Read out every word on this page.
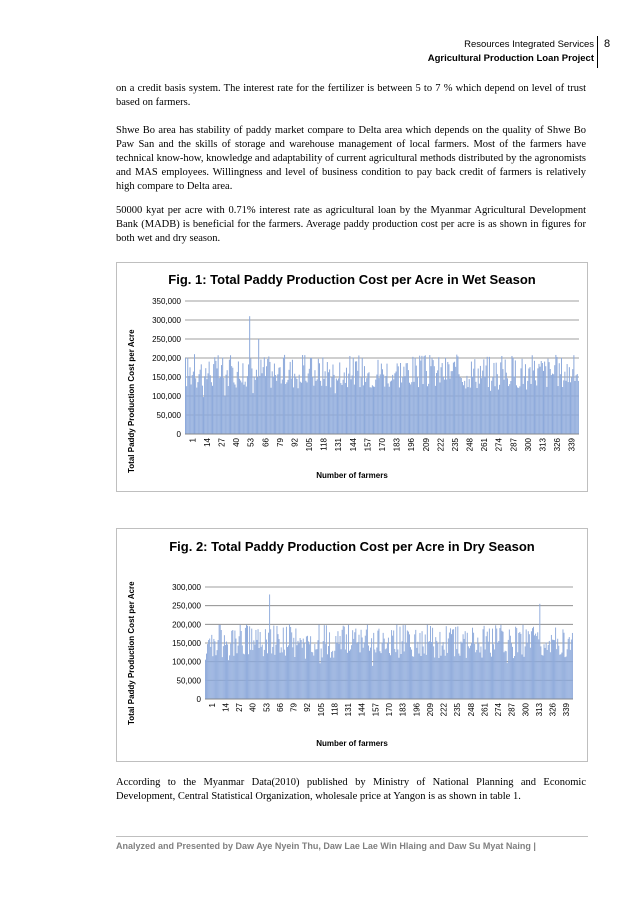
Resources Integrated Services
Agricultural Production Loan Project
8
on a credit basis system. The interest rate for the fertilizer is between 5 to 7 % which depend on level of trust based on farmers.
Shwe Bo area has stability of paddy market compare to Delta area which depends on the quality of Shwe Bo Paw San and the skills of storage and warehouse management of local farmers. Most of the farmers have technical know-how, knowledge and adaptability of current agricultural methods distributed by the agronomists and MAS employees. Willingness and level of business condition to pay back credit of farmers is relatively high compare to Delta area.
50000 kyat per acre with 0.71% interest rate as agricultural loan by the Myanmar Agricultural Development Bank (MADB) is beneficial for the farmers. Average paddy production cost per acre is as shown in figures for both wet and dry season.
Fig. 1: Total Paddy Production Cost per Acre in Wet Season
Total Paddy Production Cost per Acre	0
50,000
100,000
150,000
200,000
250,000
300,000
350,000
1 14 27 40 53 66 79 92 105 118 131 144 157 170 183 196 209 222 235 248 261 274 287 300 313 326 339
Number of farmers
Fig. 2: Total Paddy Production Cost per Acre in Dry Season
Total Paddy Production Cost per Acre	0
50,000
100,000
150,000
200,000
250,000
300,000
1 14 27 40 53 66 79 92 105 118 131 144 157 170 183 196 209 222 235 248 261 274 287 300 313 326 339
Number of farmers
According to the Myanmar Data(2010) published by Ministry of National Planning and Economic Development, Central Statistical Organization, wholesale price at Yangon is as shown in table 1.
Analyzed and Presented by Daw Aye Nyein Thu, Daw Lae Lae Win Hlaing and Daw Su Myat Naing |
